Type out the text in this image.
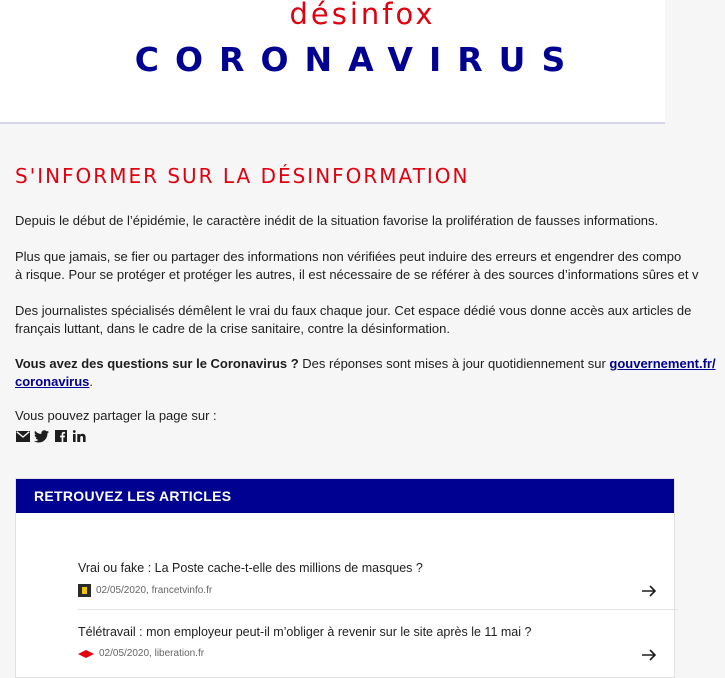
désinfox
CORONAVIRUS
S'INFORMER SUR LA DÉSINFORMATION
Depuis le début de l’épidémie, le caractère inédit de la situation favorise la prolifération de fausses informations.
Plus que jamais, se fier ou partager des informations non vérifiées peut induire des erreurs et engendrer des compo
à risque. Pour se protéger et protéger les autres, il est nécessaire de se référer à des sources d’informations sûres et v
Des journalistes spécialisés démêlent le vrai du faux chaque jour. Cet espace dédié vous donne accès aux articles de
français luttant, dans le cadre de la crise sanitaire, contre la désinformation.
Vous avez des questions sur le Coronavirus ? Des réponses sont mises à jour quotidiennement sur gouvernement.fr/
coronavirus.
Vous pouvez partager la page sur :
RETROUVEZ LES ARTICLES
Vrai ou fake : La Poste cache-t-elle des millions de masques ?
02/05/2020, francetvinfo.fr
Télétravail : mon employeur peut-il m’obliger à revenir sur le site après le 11 mai ?
02/05/2020, liberation.fr
